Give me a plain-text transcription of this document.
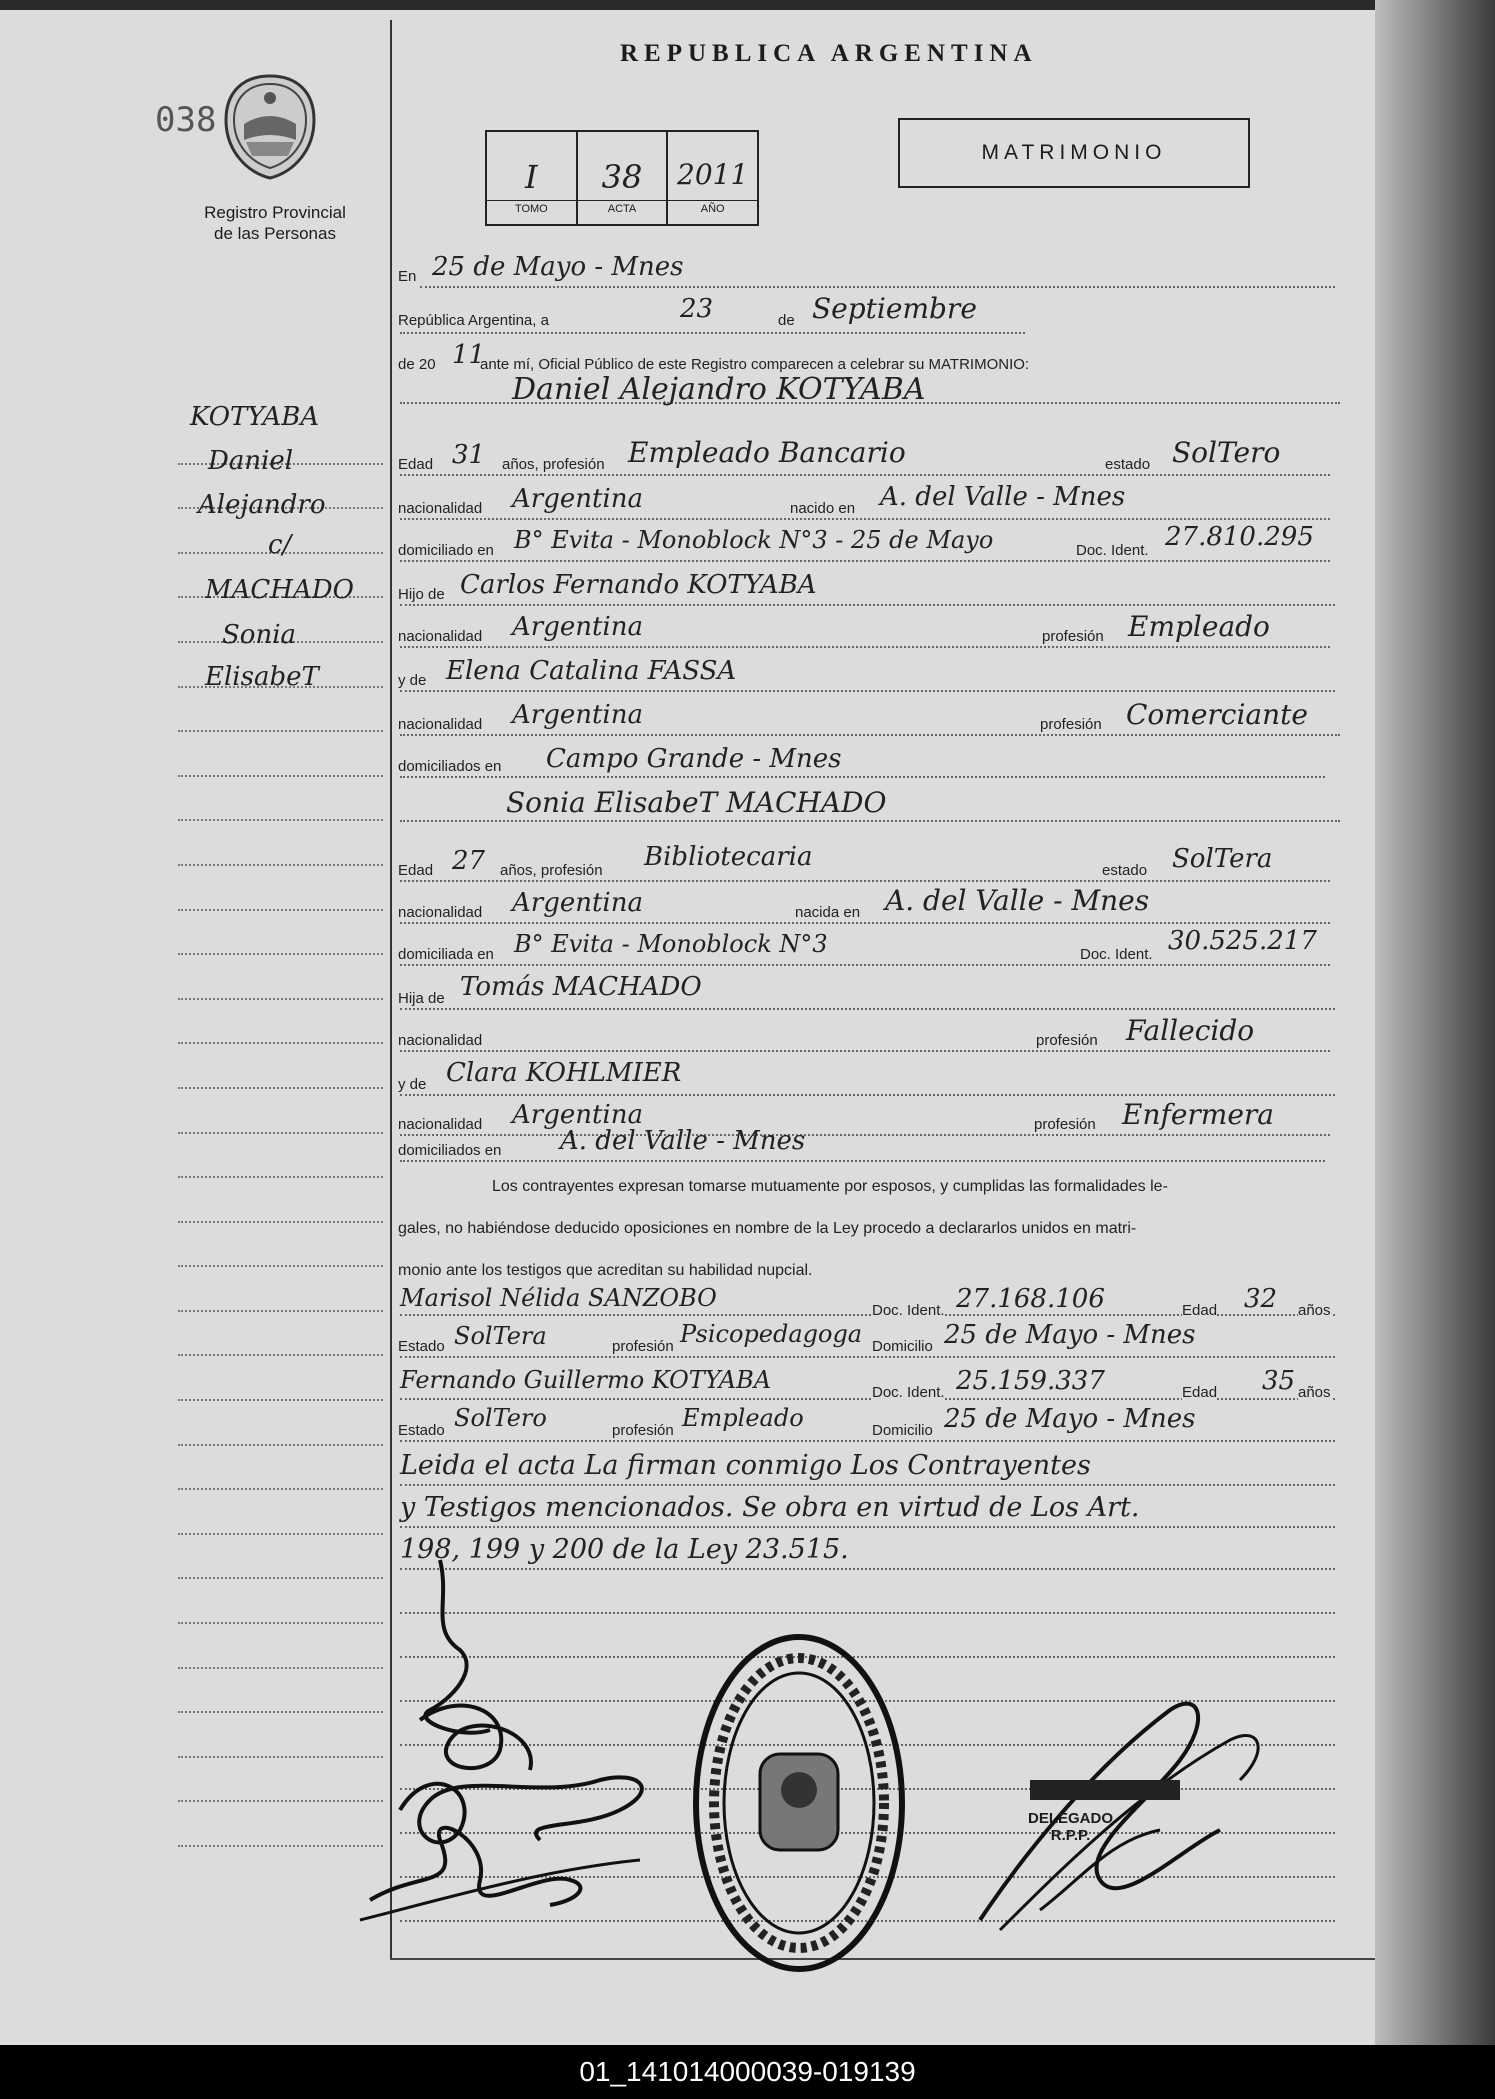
038
Registro Provincial
de las Personas
REPUBLICA ARGENTINA
MATRIMONIO
I
TOMO
38
ACTA
2011
AÑO
KOTYABA
Daniel
Alejandro
c/
MACHADO
Sonia
ElisabeT
En 25 de Mayo - Mnes
República Argentina, a	23	de Septiembre
de 20 11
ante mí, Oficial Público de este Registro comparecen a celebrar su MATRIMONIO:
Daniel Alejandro KOTYABA
Edad 31 años, profesión Empleado Bancario	estado SolTero
nacionalidad Argentina	nacido en A. del Valle - Mnes
domiciliado en B° Evita - Monoblock N°3 - 25 de Mayo	Doc. Ident. 27.810.295
Hijo de Carlos Fernando KOTYABA
nacionalidad Argentina	profesión Empleado
y de Elena Catalina FASSA
nacionalidad Argentina	profesión Comerciante
domiciliados en Campo Grande - Mnes
Sonia ElisabeT MACHADO
Edad 27 años, profesión Bibliotecaria	estado SolTera
nacionalidad Argentina	nacida en A. del Valle - Mnes
domiciliada en B° Evita - Monoblock N°3	Doc. Ident. 30.525.217
Hija de Tomás MACHADO
nacionalidad	profesión Fallecido
y de Clara KOHLMIER
nacionalidad Argentina	profesión Enfermera
domiciliados en A. del Valle - Mnes
Los contrayentes expresan tomarse mutuamente por esposos, y cumplidas las formalidades le-
gales, no habiéndose deducido oposiciones en nombre de la Ley procedo a declararlos unidos en matri-
monio ante los testigos que acreditan su habilidad nupcial.
Marisol Nélida SANZOBO	Doc. Ident. 27.168.106	Edad 32 años
Estado SolTera	profesión Psicopedagoga Domicilio 25 de Mayo - Mnes
Fernando Guillermo KOTYABA	Doc. Ident. 25.159.337	Edad 35 años
Estado SolTero	profesión Empleado	Domicilio 25 de Mayo - Mnes
Leida el acta La firman conmigo Los Contrayentes
y Testigos mencionados. Se obra en virtud de Los Art.
198, 199 y 200 de la Ley 23.515.
DELEGADO
R.P.P.
01_141014000039-019139
